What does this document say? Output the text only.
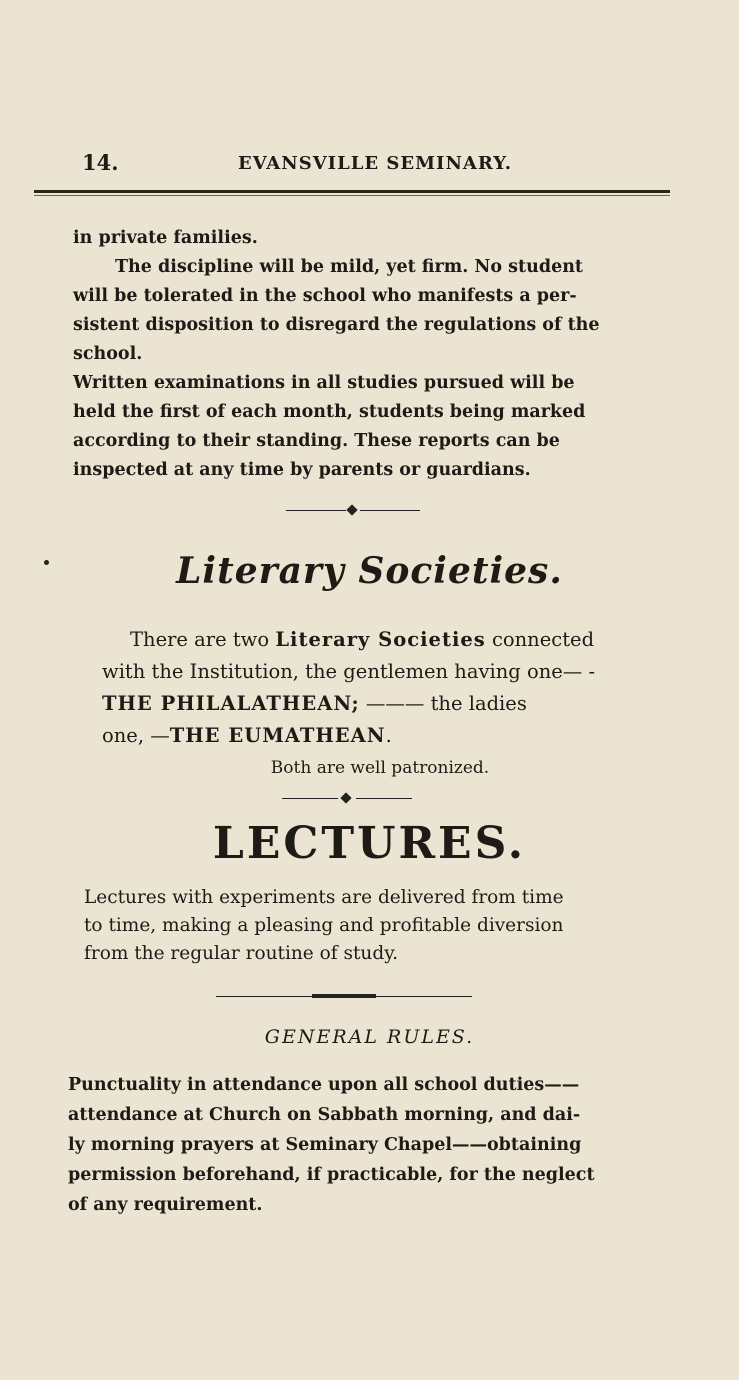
14.	EVANSVILLE SEMINARY.

in private families.

The discipline will be mild, yet firm. No student

will be tolerated in the school who manifests a per-

sistent disposition to disregard the regulations of the

school.

Written examinations in all studies pursued will be

held the first of each month, students being marked

according to their standing. These reports can be

inspected at any time by parents or guardians.

Literary Societies.

There are two Literary Societies connected

with the Institution, the gentlemen having one— -

THE PHILALATHEAN; ——— the ladies

one, —THE EUMATHEAN.

Both are well patronized.

LECTURES.

Lectures with experiments are delivered from time

to time, making a pleasing and profitable diversion

from the regular routine of study.

GENERAL RULES.

Punctuality in attendance upon all school duties——

attendance at Church on Sabbath morning, and dai-

ly morning prayers at Seminary Chapel——obtaining

permission beforehand, if practicable, for the neglect

of any requirement.
